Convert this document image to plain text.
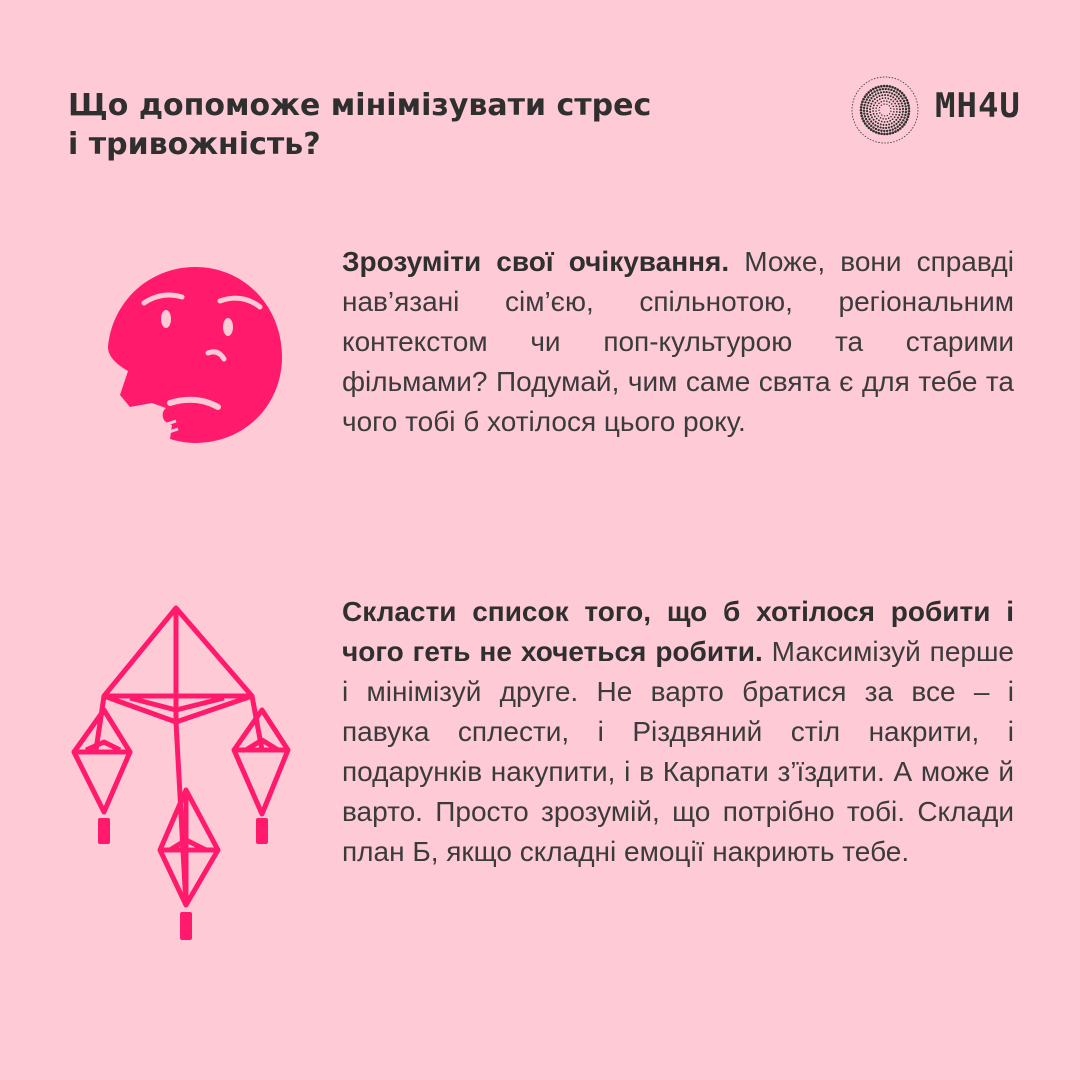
Що допоможе мінімізувати стрес
і тривожність?
MH4U
Зрозуміти свої очікування. Може, вони справді нав’язані сім’єю, спільнотою, регіональним контекстом чи поп-культурою та старими фільмами? Подумай, чим саме свята є для тебе та чого тобі б хотілося цього року.
Скласти список того, що б хотілося робити і чого геть не хочеться робити. Максимізуй перше і мінімізуй друге. Не варто братися за все – і павука сплести, і Різдвяний стіл накрити, і подарунків накупити, і в Карпати з’їздити. А може й варто. Просто зрозумій, що потрібно тобі. Склади план Б, якщо складні емоції накриють тебе.
